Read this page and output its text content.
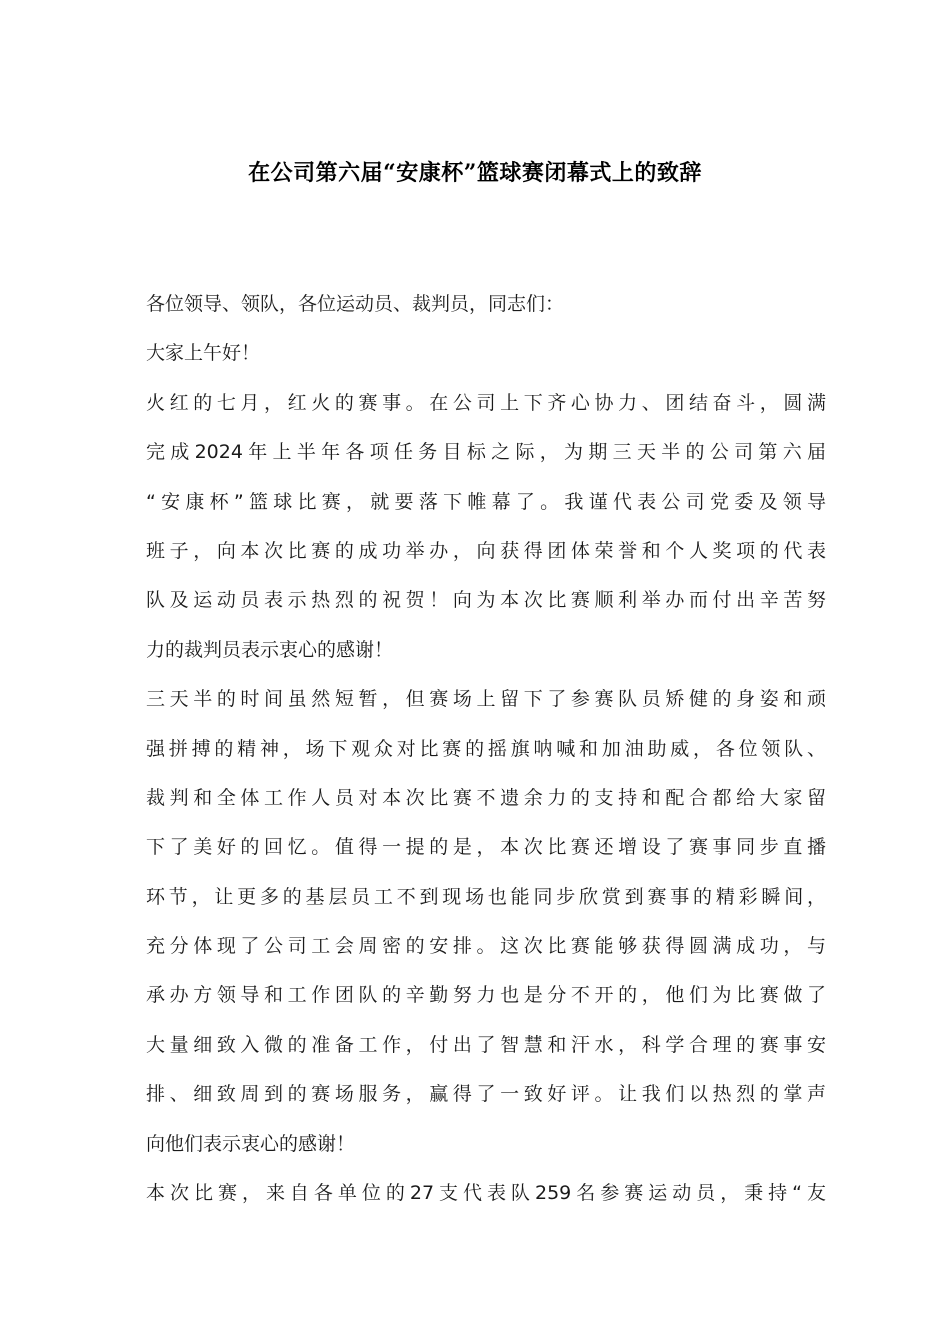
在公司第六届“安康杯”篮球赛闭幕式上的致辞
各位领导、领队，各位运动员、裁判员，同志们：
大家上午好！
火红的七月，红火的赛事。在公司上下齐心协力、团结奋斗，圆满
完成2024年上半年各项任务目标之际，为期三天半的公司第六届
“安康杯”篮球比赛，就要落下帷幕了。我谨代表公司党委及领导
班子，向本次比赛的成功举办，向获得团体荣誉和个人奖项的代表
队及运动员表示热烈的祝贺！向为本次比赛顺利举办而付出辛苦努
力的裁判员表示衷心的感谢！
三天半的时间虽然短暂，但赛场上留下了参赛队员矫健的身姿和顽
强拼搏的精神，场下观众对比赛的摇旗呐喊和加油助威，各位领队、
裁判和全体工作人员对本次比赛不遗余力的支持和配合都给大家留
下了美好的回忆。值得一提的是，本次比赛还增设了赛事同步直播
环节，让更多的基层员工不到现场也能同步欣赏到赛事的精彩瞬间，
充分体现了公司工会周密的安排。这次比赛能够获得圆满成功，与
承办方领导和工作团队的辛勤努力也是分不开的，他们为比赛做了
大量细致入微的准备工作，付出了智慧和汗水，科学合理的赛事安
排、细致周到的赛场服务，赢得了一致好评。让我们以热烈的掌声
向他们表示衷心的感谢！
本次比赛，来自各单位的27支代表队259名参赛运动员，秉持“友
